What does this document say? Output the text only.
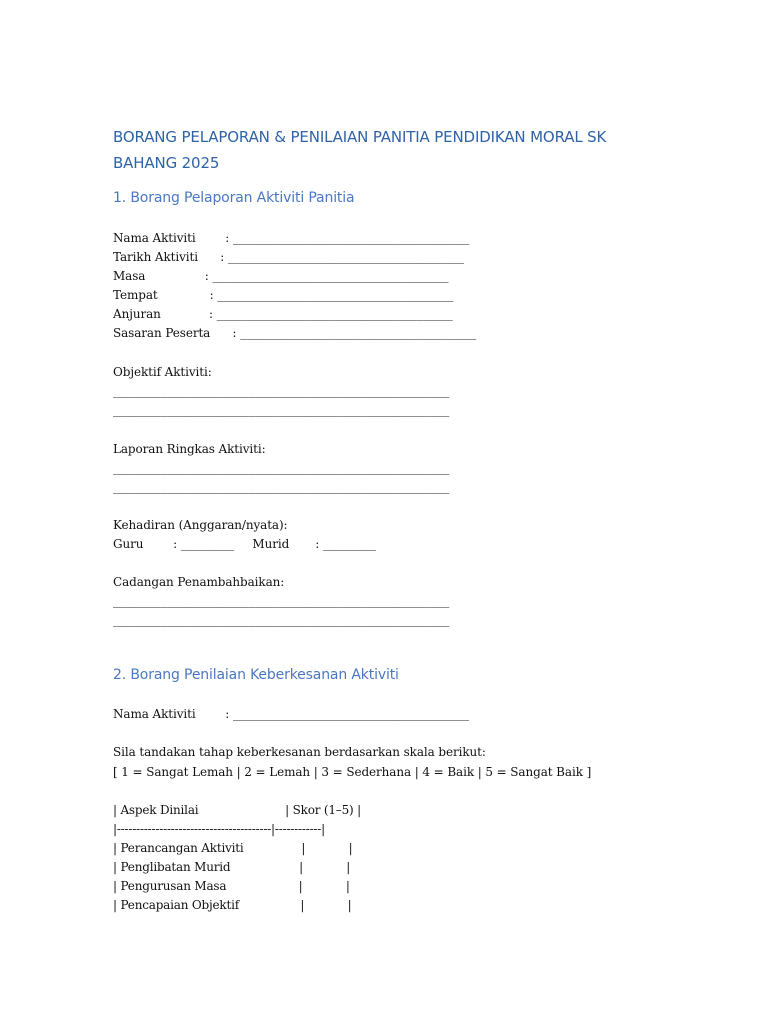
BORANG PELAPORAN & PENILAIAN PANITIA PENDIDIKAN MORAL SK BAHANG 2025
1. Borang Pelaporan Aktiviti Panitia
Nama Aktiviti        : ________________________________________
Tarikh Aktiviti      : ________________________________________
Masa                : ________________________________________
Tempat              : ________________________________________
Anjuran             : ________________________________________
Sasaran Peserta      : ________________________________________
Objektif Aktiviti:
_________________________________________________________
_________________________________________________________
Laporan Ringkas Aktiviti:
_________________________________________________________
_________________________________________________________
Kehadiran (Anggaran/nyata):
Guru        : _________     Murid       : _________
Cadangan Penambahbaikan:
_________________________________________________________
_________________________________________________________
2. Borang Penilaian Keberkesanan Aktiviti
Nama Aktiviti        : ________________________________________
Sila tandakan tahap keberkesanan berdasarkan skala berikut:
[ 1 = Sangat Lemah | 2 = Lemah | 3 = Sederhana | 4 = Baik | 5 = Sangat Baik ]
| Aspek Dinilai                        | Skor (1–5) |
|----------------------------------------|------------|
| Perancangan Aktiviti                |            |
| Penglibatan Murid                   |            |
| Pengurusan Masa                    |            |
| Pencapaian Objektif                 |            |
